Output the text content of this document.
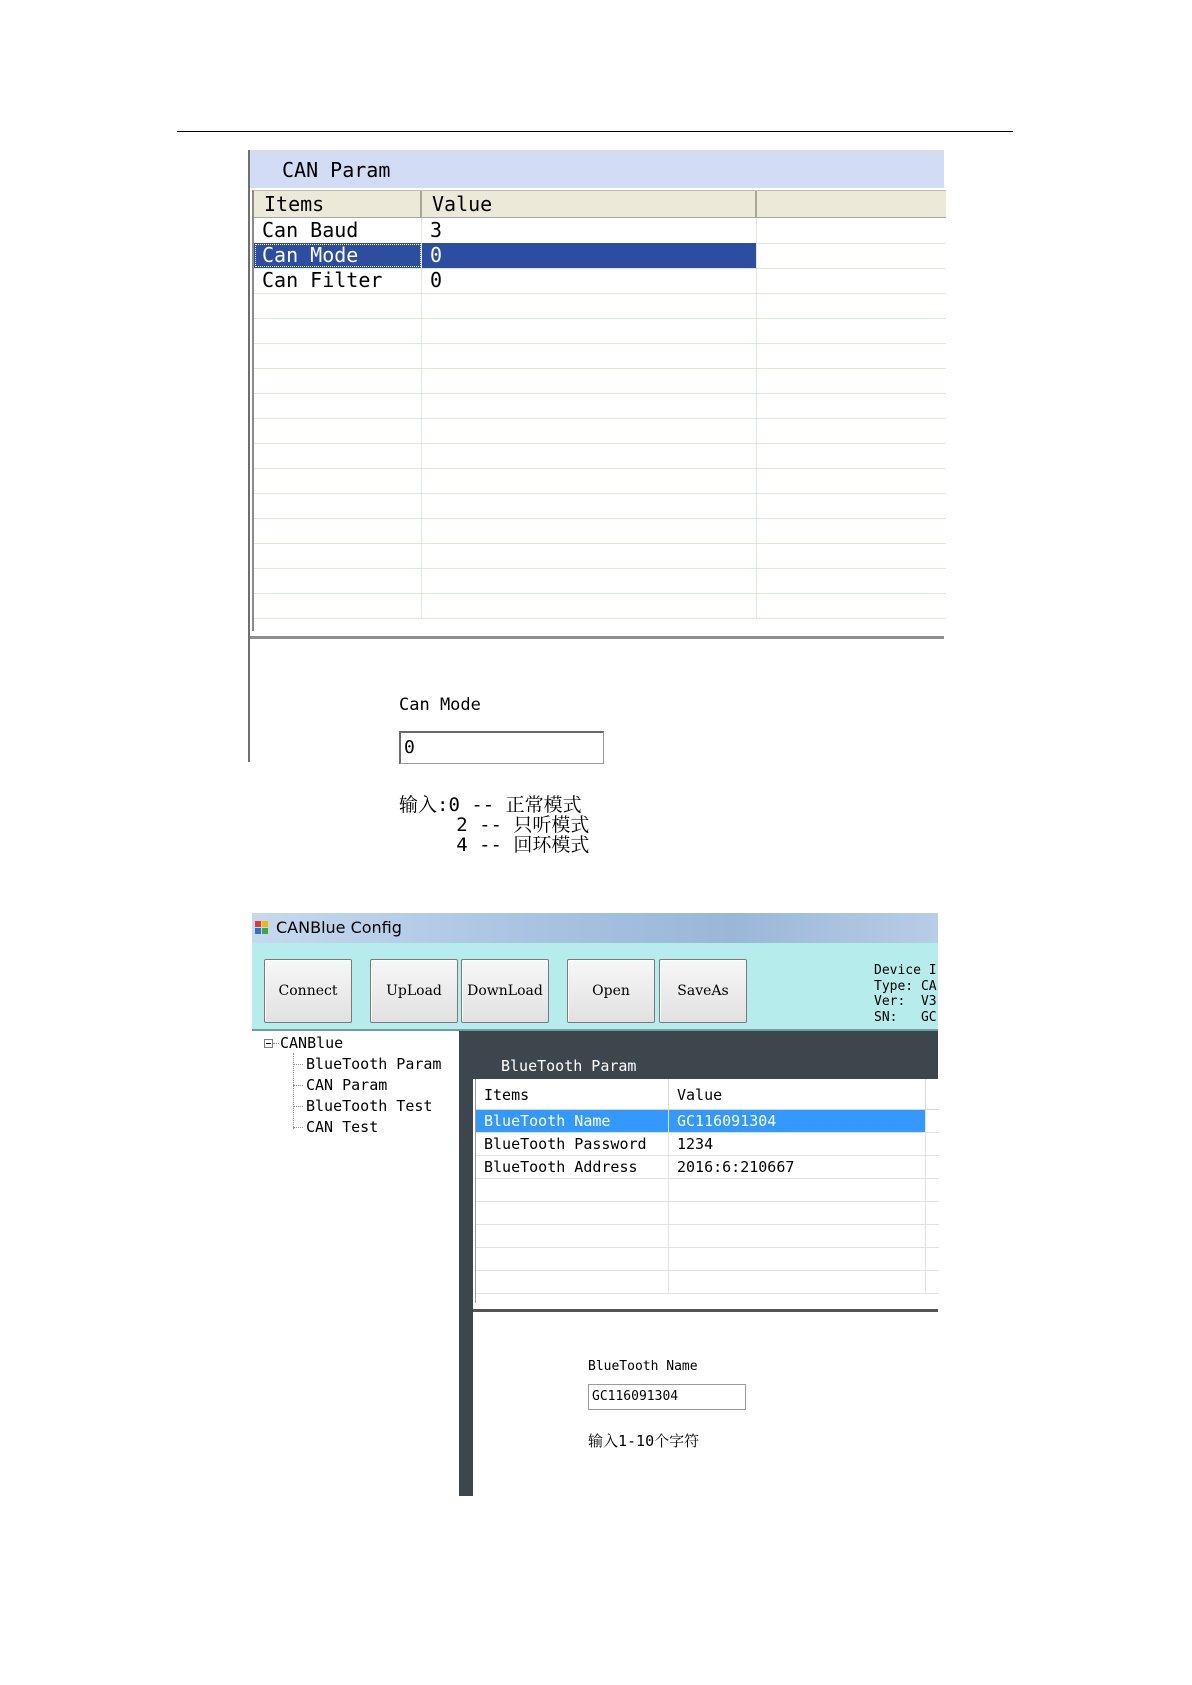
CAN Param
Items	Value
Can Baud	3
Can Mode	0
Can Filter	0
Can Mode
0
输入:0 -- 正常模式
2 -- 只听模式
4 -- 回环模式
CANBlue Config
Connect	UpLoad	DownLoad	Open	SaveAs
Device I
Type: CA
Ver:  V3
SN:   GC
CANBlue
BlueTooth Param
CAN Param
BlueTooth Test
CAN Test
BlueTooth Param
Items	Value
BlueTooth Name	GC116091304
BlueTooth Password	1234
BlueTooth Address	2016:6:210667
BlueTooth Name
GC116091304
输入1-10个字符
